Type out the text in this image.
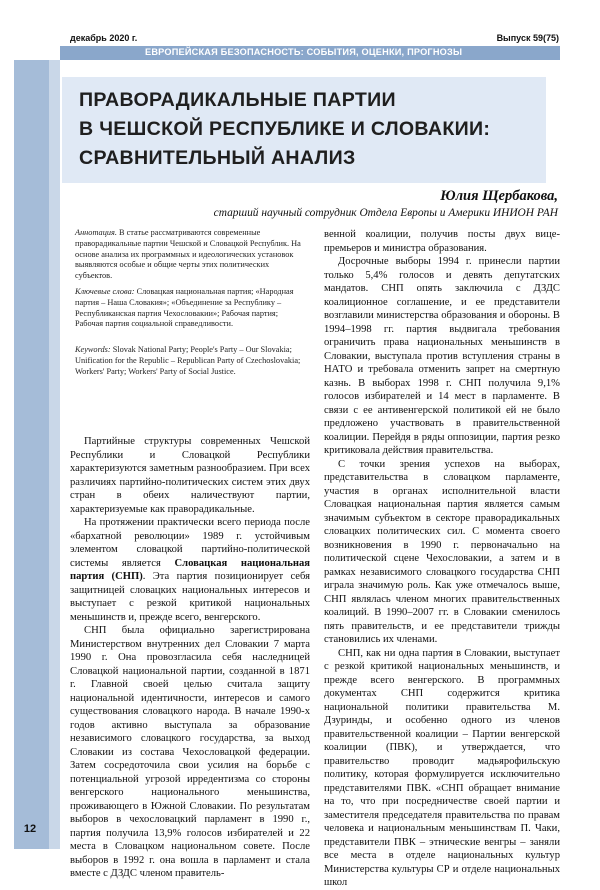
декабрь 2020 г.	Выпуск 59(75)
ЕВРОПЕЙСКАЯ БЕЗОПАСНОСТЬ: СОБЫТИЯ, ОЦЕНКИ, ПРОГНОЗЫ
ПРАВОРАДИКАЛЬНЫЕ ПАРТИИ
В ЧЕШСКОЙ РЕСПУБЛИКЕ И СЛОВАКИИ:
СРАВНИТЕЛЬНЫЙ АНАЛИЗ
Юлия Щербакова,
старший научный сотрудник Отдела Европы и Америки ИНИОН РАН
Аннотация. В статье рассматриваются современные праворадикальные партии Чешской и Словацкой Республик. На основе анализа их программных и идеологических установок выявляются особые и общие черты этих политических субъектов.
Ключевые слова: Словацкая национальная партия; «Народная партия – Наша Словакия»; «Объединение за Республику – Республиканская партия Чехословакии»; Рабочая партия; Рабочая партия социальной справедливости.
Keywords: Slovak National Party; People's Party – Our Slovakia; Unification for the Republic – Republican Party of Czechoslovakia; Workers' Party; Workers' Party of Social Justice.

Партийные структуры современных Чешской Республики и Словацкой Республики характеризуются заметным разнообразием. При всех различиях партийно-политических систем этих двух стран в обеих наличествуют партии, характеризуемые как праворадикальные.

На протяжении практически всего периода после «бархатной революции» 1989 г. устойчивым элементом словацкой партийно-политической системы является Словацкая национальная партия (СНП). Эта партия позиционирует себя защитницей словацких национальных интересов и выступает с резкой критикой национальных меньшинств и, прежде всего, венгерского.

СНП была официально зарегистрирована Министерством внутренних дел Словакии 7 марта 1990 г. Она провозгласила себя наследницей Словацкой национальной партии, созданной в 1871 г. Главной своей целью считала защиту национальной идентичности, интересов и самого существования словацкого народа. В начале 1990-х годов активно выступала за образование независимого словацкого государства, за выход Словакии из состава Чехословацкой федерации. Затем сосредоточила свои усилия на борьбе с потенциальной угрозой ирредентизма со стороны венгерского национального меньшинства, проживающего в Южной Словакии. По результатам выборов в чехословацкий парламент в 1990 г., партия получила 13,9% голосов избирателей и 22 места в Словацком национальном совете. После выборов в 1992 г. она вошла в парламент и стала вместе с ДЗДС членом правитель-

венной коалиции, получив посты двух вице-премьеров и министра образования.

Досрочные выборы 1994 г. принесли партии только 5,4% голосов и девять депутатских мандатов. СНП опять заключила с ДЗДС коалиционное соглашение, и ее представители возглавили министерства образования и обороны. В 1994–1998 гг. партия выдвигала требования ограничить права национальных меньшинств в Словакии, выступала против вступления страны в НАТО и требовала отменить запрет на смертную казнь. В выборах 1998 г. СНП получила 9,1% голосов избирателей и 14 мест в парламенте. В связи с ее антивенгерской политикой ей не было предложено участвовать в правительственной коалиции. Перейдя в ряды оппозиции, партия резко критиковала действия правительства.

С точки зрения успехов на выборах, представительства в словацком парламенте, участия в органах исполнительной власти Словацкая национальная партия является самым значимым субъектом в секторе праворадикальных словацких политических сил. С момента своего возникновения в 1990 г. первоначально на политической сцене Чехословакии, а затем и в рамках независимого словацкого государства СНП играла значимую роль. Как уже отмечалось выше, СНП являлась членом многих правительственных коалиций. В 1990–2007 гг. в Словакии сменилось пять правительств, и ее представители трижды становились их членами.

СНП, как ни одна партия в Словакии, выступает с резкой критикой национальных меньшинств, и прежде всего венгерского. В программных документах СНП содержится критика национальной политики правительства М. Дзуринды, и особенно одного из членов правительственной коалиции – Партии венгерской коалиции (ПВК), и утверждается, что правительство проводит мадьярофильскую политику, которая формулируется исключительно представителями ПВК. «СНП обращает внимание на то, что при посредничестве своей партии и заместителя председателя правительства по правам человека и национальным меньшинствам П. Чаки, представители ПВК – этнические венгры – заняли все места в отделе национальных культур Министерства культуры СР и отделе национальных школ

12
